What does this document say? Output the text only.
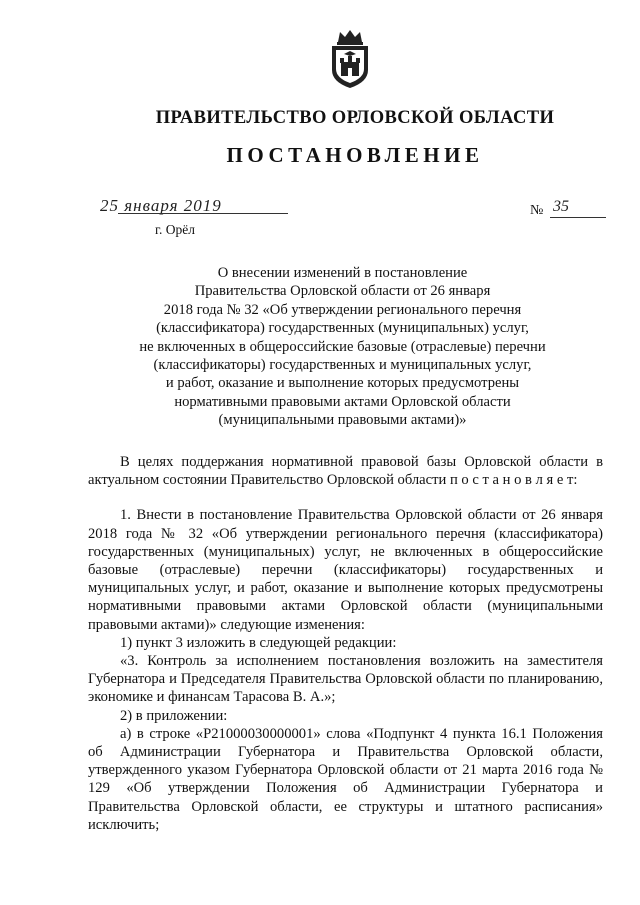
ПРАВИТЕЛЬСТВО ОРЛОВСКОЙ ОБЛАСТИ
ПОСТАНОВЛЕНИЕ
25 января 2019
г. Орёл
№ 35
О внесении изменений в постановление
Правительства Орловской области от 26 января
2018 года № 32 «Об утверждении регионального перечня
(классификатора) государственных (муниципальных) услуг,
не включенных в общероссийские базовые (отраслевые) перечни
(классификаторы) государственных и муниципальных услуг,
и работ, оказание и выполнение которых предусмотрены
нормативными правовыми актами Орловской области
(муниципальными правовыми актами)»

В целях поддержания нормативной правовой базы Орловской области в актуальном состоянии Правительство Орловской области п о с т а н о в л я е т:

1. Внести в постановление Правительства Орловской области от 26 января 2018 года № 32 «Об утверждении регионального перечня (классификатора) государственных (муниципальных) услуг, не включенных в общероссийские базовые (отраслевые) перечни (классификаторы) государственных и муниципальных услуг, и работ, оказание и выполнение которых предусмотрены нормативными правовыми актами Орловской области (муниципальными правовыми актами)» следующие изменения:

1) пункт 3 изложить в следующей редакции:

«3. Контроль за исполнением постановления возложить на заместителя Губернатора и Председателя Правительства Орловской области по планированию, экономике и финансам Тарасова В. А.»;

2) в приложении:

а) в строке «Р21000030000001» слова «Подпункт 4 пункта 16.1 Положения об Администрации Губернатора и Правительства Орловской области, утвержденного указом Губернатора Орловской области от 21 марта 2016 года № 129 «Об утверждении Положения об Администрации Губернатора и Правительства Орловской области, ее структуры и штатного расписания» исключить;
